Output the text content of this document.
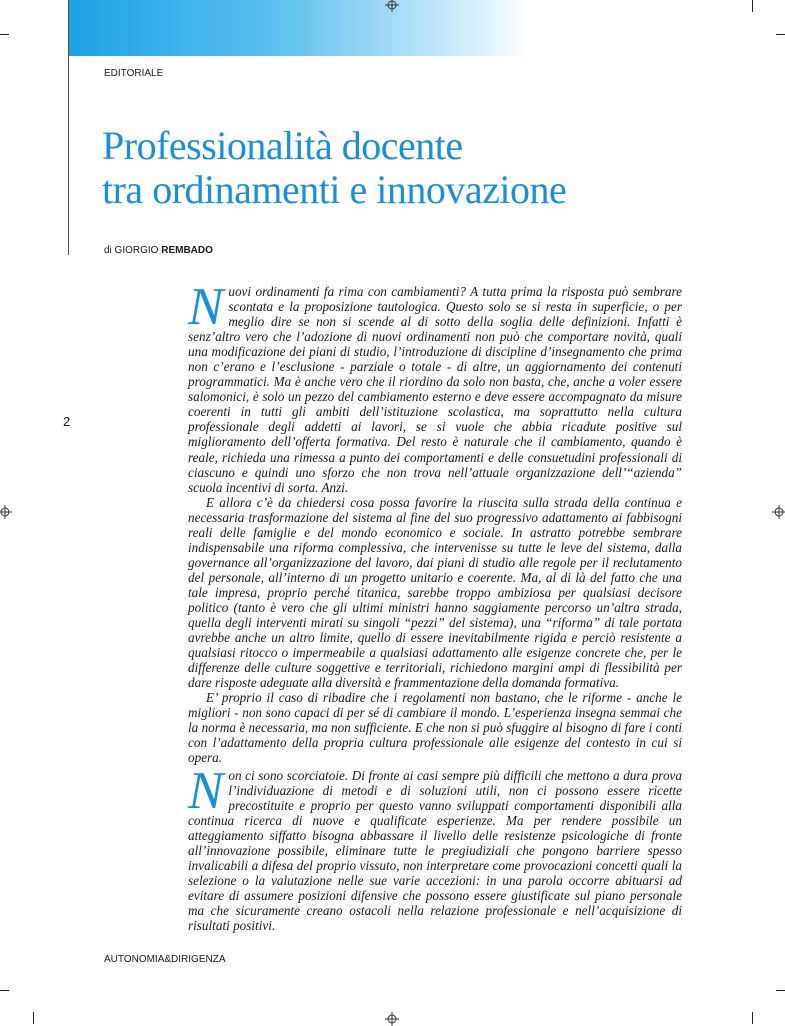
EDITORIALE
Professionalità docente
tra ordinamenti e innovazione
di GIORGIO REMBADO
2

Nuovi ordinamenti fa rima con cambiamenti? A tutta prima la risposta può sembrare scontata e la proposizione tautologica. Questo solo se si resta in superficie, o per meglio dire se non si scende al di sotto della soglia delle definizioni. Infatti è senz’altro vero che l’adozione di nuovi ordinamenti non può che comportare novità, quali una modificazione dei piani di studio, l’introduzione di discipline d’insegnamento che prima non c’erano e l’esclusione - parziale o totale - di altre, un aggiornamento dei contenuti programmatici. Ma è anche vero che il riordino da solo non basta, che, anche a voler essere salomonici, è solo un pezzo del cambiamento esterno e deve essere accompagnato da misure coerenti in tutti gli ambiti dell’istituzione scolastica, ma soprattutto nella cultura professionale degli addetti ai lavori, se si vuole che abbia ricadute positive sul miglioramento dell’offerta formativa. Del resto è naturale che il cambiamento, quando è reale, richieda una rimessa a punto dei comportamenti e delle consuetudini professionali di ciascuno e quindi uno sforzo che non trova nell’attuale organizzazione dell’“azienda” scuola incentivi di sorta. Anzi.

E allora c’è da chiedersi cosa possa favorire la riuscita sulla strada della continua e necessaria trasformazione del sistema al fine del suo progressivo adattamento ai fabbisogni reali delle famiglie e del mondo economico e sociale. In astratto potrebbe sembrare indispensabile una riforma complessiva, che intervenisse su tutte le leve del sistema, dalla governance all’organizzazione del lavoro, dai piani di studio alle regole per il reclutamento del personale, all’interno di un progetto unitario e coerente. Ma, al di là del fatto che una tale impresa, proprio perché titanica, sarebbe troppo ambiziosa per qualsiasi decisore politico (tanto è vero che gli ultimi ministri hanno saggiamente percorso un’altra strada, quella degli interventi mirati su singoli “pezzi” del sistema), una “riforma” di tale portata avrebbe anche un altro limite, quello di essere inevitabilmente rigida e perciò resistente a qualsiasi ritocco o impermeabile a qualsiasi adattamento alle esigenze concrete che, per le differenze delle culture soggettive e territoriali, richiedono margini ampi di flessibilità per dare risposte adeguate alla diversità e frammentazione della domanda formativa.

E’ proprio il caso di ribadire che i regolamenti non bastano, che le riforme - anche le migliori - non sono capaci di per sé di cambiare il mondo. L’esperienza insegna semmai che la norma è necessaria, ma non sufficiente. E che non si può sfuggire al bisogno di fare i conti con l’adattamento della propria cultura professionale alle esigenze del contesto in cui si opera.

Non ci sono scorciatoie. Di fronte ai casi sempre più difficili che mettono a dura prova l’individuazione di metodi e di soluzioni utili, non ci possono essere ricette precostituite e proprio per questo vanno sviluppati comportamenti disponibili alla continua ricerca di nuove e qualificate esperienze. Ma per rendere possibile un atteggiamento siffatto bisogna abbassare il livello delle resistenze psicologiche di fronte all’innovazione possibile, eliminare tutte le pregiudiziali che pongono barriere spesso invalicabili a difesa del proprio vissuto, non interpretare come provocazioni concetti quali la selezione o la valutazione nelle sue varie accezioni: in una parola occorre abituarsi ad evitare di assumere posizioni difensive che possono essere giustificate sul piano personale ma che sicuramente creano ostacoli nella relazione professionale e nell’acquisizione di risultati positivi.

AUTONOMIA&DIRIGENZA
